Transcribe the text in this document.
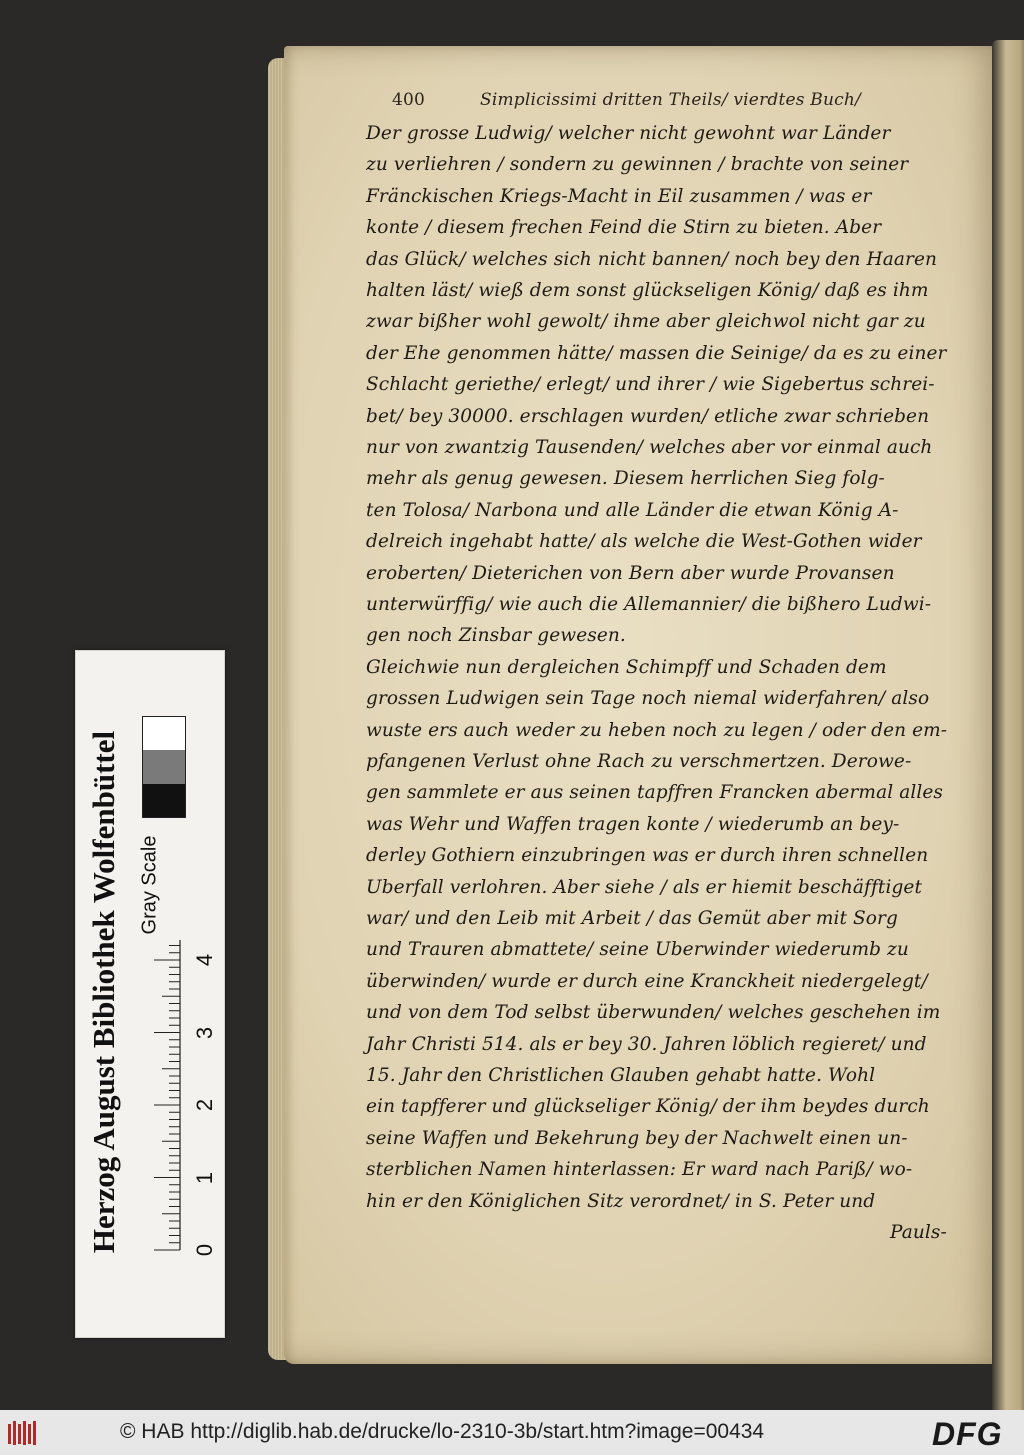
400	Simplicissimi dritten Theils/ vierdtes Buch/
Der grosse Ludwig/ welcher nicht gewohnt war Länder
zu verliehren / sondern zu gewinnen / brachte von seiner
Fränckischen Kriegs-Macht in Eil zusammen / was er
konte / diesem frechen Feind die Stirn zu bieten. Aber
das Glück/ welches sich nicht bannen/ noch bey den Haaren
halten läst/ wieß dem sonst glückseligen König/ daß es ihm
zwar bißher wohl gewolt/ ihme aber gleichwol nicht gar zu
der Ehe genommen hätte/ massen die Seinige/ da es zu einer
Schlacht geriethe/ erlegt/ und ihrer / wie Sigebertus schrei-
bet/ bey 30000. erschlagen wurden/ etliche zwar schrieben
nur von zwantzig Tausenden/ welches aber vor einmal auch
mehr als genug gewesen. Diesem herrlichen Sieg folg-
ten Tolosa/ Narbona und alle Länder die etwan König A-
delreich ingehabt hatte/ als welche die West-Gothen wider
eroberten/ Dieterichen von Bern aber wurde Provansen
unterwürffig/ wie auch die Allemannier/ die bißhero Ludwi-
gen noch Zinsbar gewesen.
Gleichwie nun dergleichen Schimpff und Schaden dem
grossen Ludwigen sein Tage noch niemal widerfahren/ also
wuste ers auch weder zu heben noch zu legen / oder den em-
pfangenen Verlust ohne Rach zu verschmertzen. Derowe-
gen sammlete er aus seinen tapffren Francken abermal alles
was Wehr und Waffen tragen konte / wiederumb an bey-
derley Gothiern einzubringen was er durch ihren schnellen
Uberfall verlohren. Aber siehe / als er hiemit beschäfftiget
war/ und den Leib mit Arbeit / das Gemüt aber mit Sorg
und Trauren abmattete/ seine Uberwinder wiederumb zu
überwinden/ wurde er durch eine Kranckheit niedergelegt/
und von dem Tod selbst überwunden/ welches geschehen im
Jahr Christi 514. als er bey 30. Jahren löblich regieret/ und
15. Jahr den Christlichen Glauben gehabt hatte. Wohl
ein tapfferer und glückseliger König/ der ihm beydes durch
seine Waffen und Bekehrung bey der Nachwelt einen un-
sterblichen Namen hinterlassen: Er ward nach Pariß/ wo-
hin er den Königlichen Sitz verordnet/ in S. Peter und
Pauls-
Herzog August Bibliothek Wolfenbüttel Gray Scale
0
1
2
3
4
© HAB http://diglib.hab.de/drucke/lo-2310-3b/start.htm?image=00434	DFG
